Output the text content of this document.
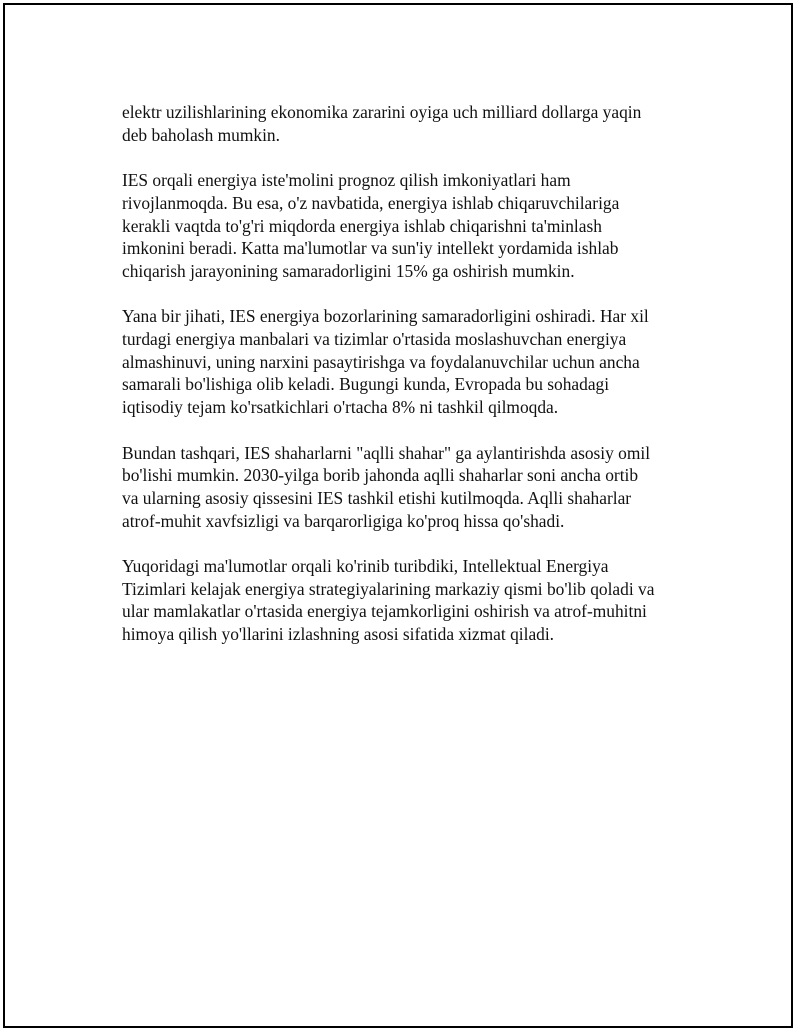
elektr uzilishlarining ekonomika zararini oyiga uch milliard dollarga yaqin
deb baholash mumkin.

IES orqali energiya iste'molini prognoz qilish imkoniyatlari ham
rivojlanmoqda. Bu esa, o'z navbatida, energiya ishlab chiqaruvchilariga
kerakli vaqtda to'g'ri miqdorda energiya ishlab chiqarishni ta'minlash
imkonini beradi. Katta ma'lumotlar va sun'iy intellekt yordamida ishlab
chiqarish jarayonining samaradorligini 15% ga oshirish mumkin.

Yana bir jihati, IES energiya bozorlarining samaradorligini oshiradi. Har xil
turdagi energiya manbalari va tizimlar o'rtasida moslashuvchan energiya
almashinuvi, uning narxini pasaytirishga va foydalanuvchilar uchun ancha
samarali bo'lishiga olib keladi. Bugungi kunda, Evropada bu sohadagi
iqtisodiy tejam ko'rsatkichlari o'rtacha 8% ni tashkil qilmoqda.

Bundan tashqari, IES shaharlarni "aqlli shahar" ga aylantirishda asosiy omil
bo'lishi mumkin. 2030-yilga borib jahonda aqlli shaharlar soni ancha ortib
va ularning asosiy qissesini IES tashkil etishi kutilmoqda. Aqlli shaharlar
atrof-muhit xavfsizligi va barqarorligiga ko'proq hissa qo'shadi.

Yuqoridagi ma'lumotlar orqali ko'rinib turibdiki, Intellektual Energiya
Tizimlari kelajak energiya strategiyalarining markaziy qismi bo'lib qoladi va
ular mamlakatlar o'rtasida energiya tejamkorligini oshirish va atrof-muhitni
himoya qilish yo'llarini izlashning asosi sifatida xizmat qiladi.
